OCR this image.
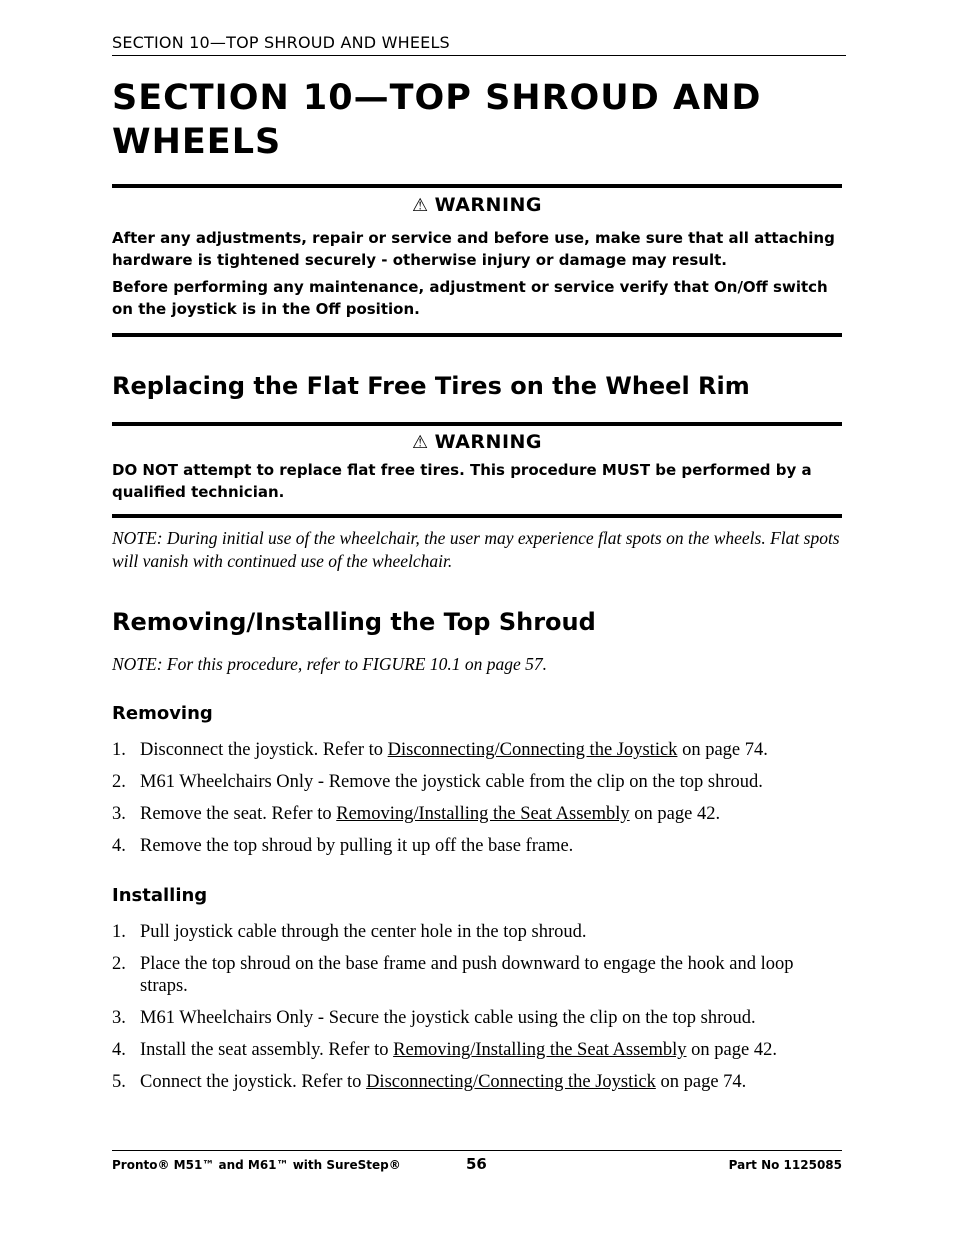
SECTION 10—TOP SHROUD AND WHEELS
SECTION 10—TOP SHROUD AND
WHEELS
⚠ WARNING

After any adjustments, repair or service and before use, make sure that all attaching hardware is tightened securely - otherwise injury or damage may result.

Before performing any maintenance, adjustment or service verify that On/Off switch on the joystick is in the Off position.

Replacing the Flat Free Tires on the Wheel Rim
⚠ WARNING

DO NOT attempt to replace flat free tires. This procedure MUST be performed by a qualified technician.

NOTE: During initial use of the wheelchair, the user may experience flat spots on the wheels. Flat spots will vanish with continued use of the wheelchair.

Removing/Installing the Top Shroud

NOTE: For this procedure, refer to FIGURE 10.1 on page 57.

Removing
1. Disconnect the joystick. Refer to Disconnecting/Connecting the Joystick on page 74.
2. M61 Wheelchairs Only - Remove the joystick cable from the clip on the top shroud.
3. Remove the seat. Refer to Removing/Installing the Seat Assembly on page 42.
4. Remove the top shroud by pulling it up off the base frame.
Installing
1. Pull joystick cable through the center hole in the top shroud.
2. Place the top shroud on the base frame and push downward to engage the hook and loop straps.
3. M61 Wheelchairs Only - Secure the joystick cable using the clip on the top shroud.
4. Install the seat assembly. Refer to Removing/Installing the Seat Assembly on page 42.
5. Connect the joystick. Refer to Disconnecting/Connecting the Joystick on page 74.
Pronto® M51™ and M61™ with SureStep®	56	Part No 1125085
